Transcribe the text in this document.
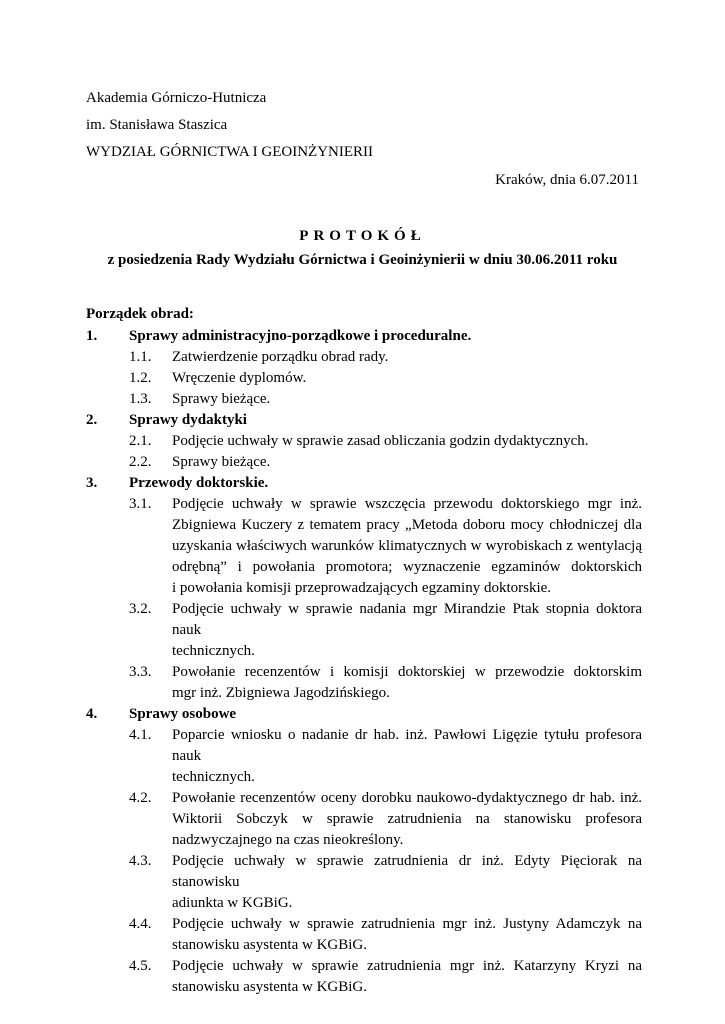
Akademia Górniczo-Hutnicza
im. Stanisława Staszica
WYDZIAŁ GÓRNICTWA I GEOINŻYNIERII
Kraków, dnia 6.07.2011
PROTOKÓŁ
z posiedzenia Rady Wydziału Górnictwa i Geoinżynierii w dniu 30.06.2011 roku
Porządek obrad:
1.	Sprawy administracyjno-porządkowe i proceduralne.
1.1.	Zatwierdzenie porządku obrad rady.
1.2.	Wręczenie dyplomów.
1.3.	Sprawy bieżące.
2.	Sprawy dydaktyki
2.1.	Podjęcie uchwały w sprawie zasad obliczania godzin dydaktycznych.
2.2.	Sprawy bieżące.
3.	Przewody doktorskie.
3.1.	Podjęcie uchwały w sprawie wszczęcia przewodu doktorskiego mgr inż.
Zbigniewa Kuczery z tematem pracy „Metoda doboru mocy chłodniczej dla
uzyskania właściwych warunków klimatycznych w wyrobiskach z wentylacją
odrębną” i powołania promotora; wyznaczenie egzaminów doktorskich
i powołania komisji przeprowadzających egzaminy doktorskie.
3.2.	Podjęcie uchwały w sprawie nadania mgr Mirandzie Ptak stopnia doktora nauk
technicznych.
3.3.	Powołanie recenzentów i komisji doktorskiej w przewodzie doktorskim
mgr inż. Zbigniewa Jagodzińskiego.
4.	Sprawy osobowe
4.1.	Poparcie wniosku o nadanie dr hab. inż. Pawłowi Ligęzie tytułu profesora nauk
technicznych.
4.2.	Powołanie recenzentów oceny dorobku naukowo-dydaktycznego dr hab. inż.
Wiktorii Sobczyk w sprawie zatrudnienia na stanowisku profesora
nadzwyczajnego na czas nieokreślony.
4.3.	Podjęcie uchwały w sprawie zatrudnienia dr inż. Edyty Pięciorak na stanowisku
adiunkta w KGBiG.
4.4.	Podjęcie uchwały w sprawie zatrudnienia mgr inż. Justyny Adamczyk na
stanowisku asystenta w KGBiG.
4.5.	Podjęcie uchwały w sprawie zatrudnienia mgr inż. Katarzyny Kryzi na
stanowisku asystenta w KGBiG.
